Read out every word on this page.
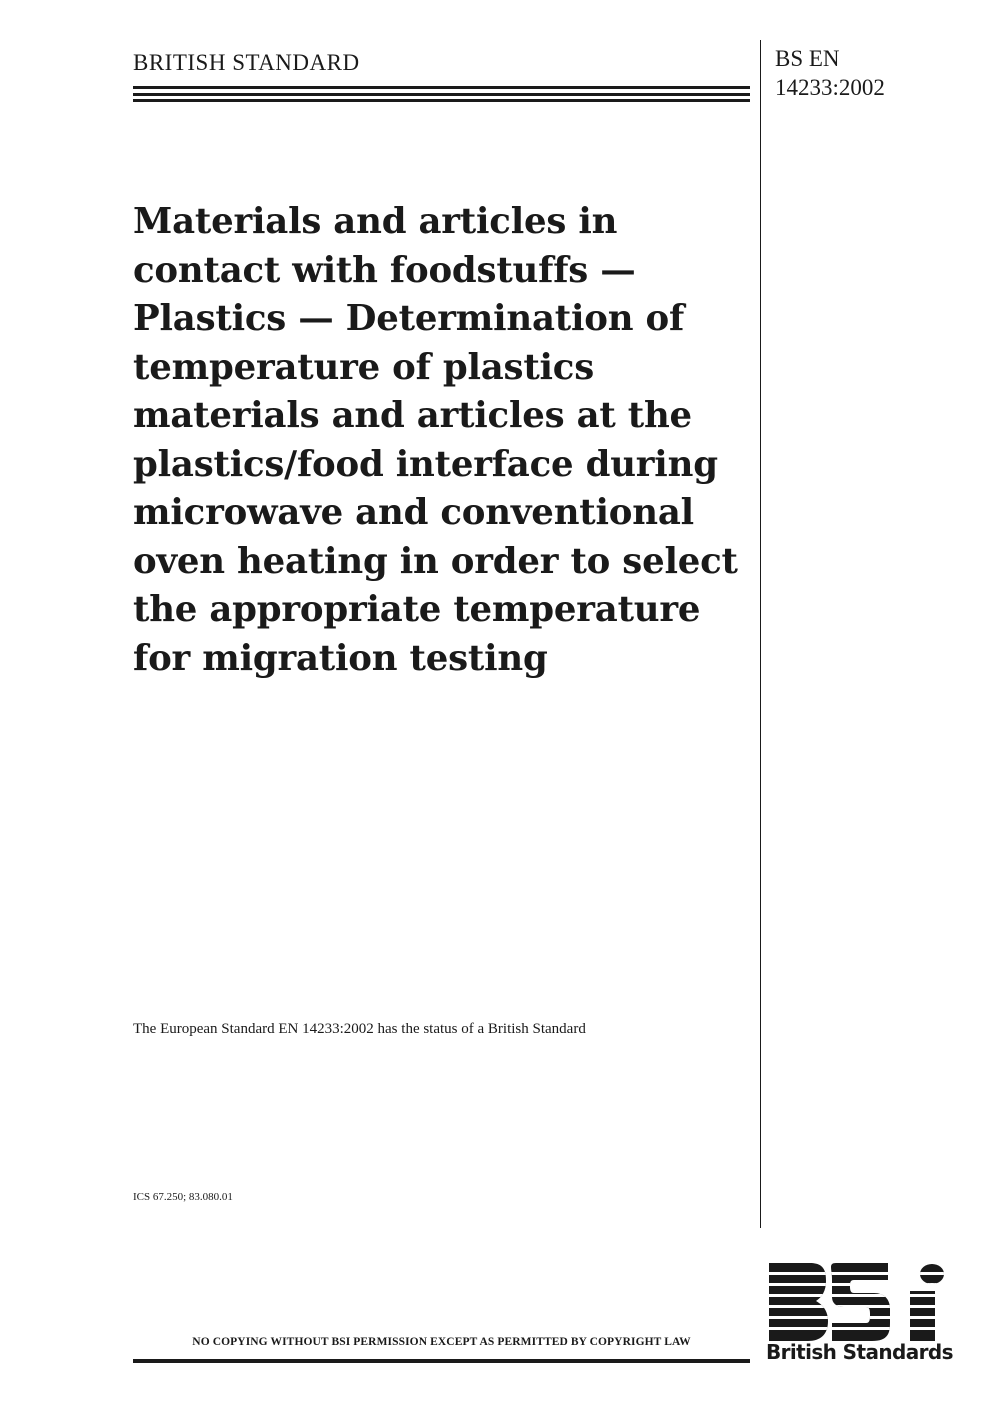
BRITISH STANDARD	BS EN
14233:2002
Materials and articles in contact with foodstuffs — Plastics — Determination of temperature of plastics materials and articles at the plastics/food interface during microwave and conventional oven heating in order to select the appropriate temperature for migration testing
The European Standard EN 14233:2002 has the status of a British Standard
ICS 67.250; 83.080.01
NO COPYING WITHOUT BSI PERMISSION EXCEPT AS PERMITTED BY COPYRIGHT LAW	British Standards
